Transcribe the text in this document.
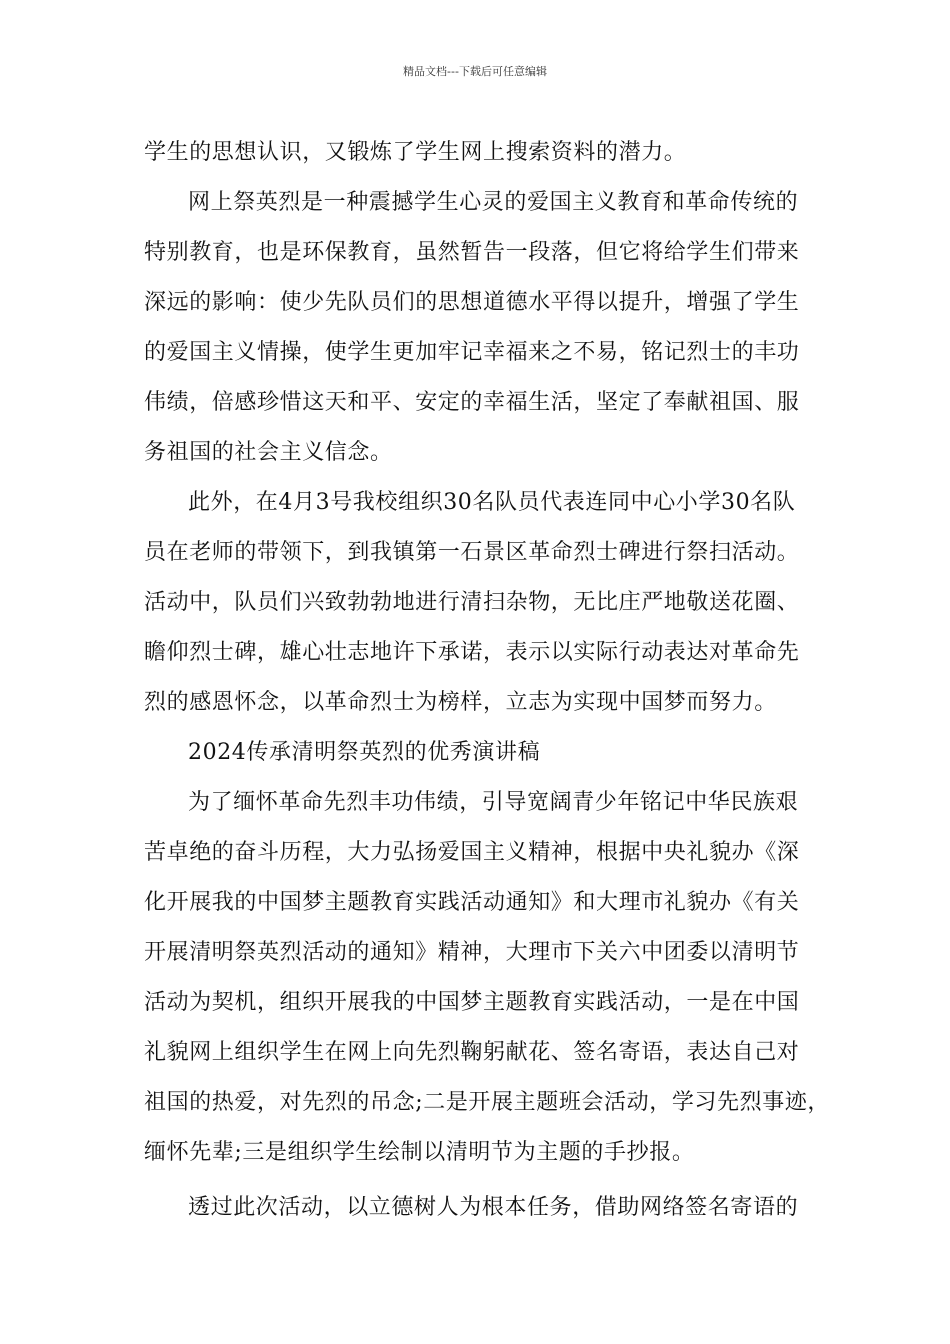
精品文档---下载后可任意编辑
学生的思想认识，又锻炼了学生网上搜索资料的潜力。
网上祭英烈是一种震撼学生心灵的爱国主义教育和革命传统的
特别教育，也是环保教育，虽然暂告一段落，但它将给学生们带来
深远的影响：使少先队员们的思想道德水平得以提升，增强了学生
的爱国主义情操，使学生更加牢记幸福来之不易，铭记烈士的丰功
伟绩，倍感珍惜这天和平、安定的幸福生活，坚定了奉献祖国、服
务祖国的社会主义信念。
此外，在4月3号我校组织30名队员代表连同中心小学30名队
员在老师的带领下，到我镇第一石景区革命烈士碑进行祭扫活动。
活动中，队员们兴致勃勃地进行清扫杂物，无比庄严地敬送花圈、
瞻仰烈士碑，雄心壮志地许下承诺，表示以实际行动表达对革命先
烈的感恩怀念，以革命烈士为榜样，立志为实现中国梦而努力。
2024传承清明祭英烈的优秀演讲稿
为了缅怀革命先烈丰功伟绩，引导宽阔青少年铭记中华民族艰
苦卓绝的奋斗历程，大力弘扬爱国主义精神，根据中央礼貌办《深
化开展我的中国梦主题教育实践活动通知》和大理市礼貌办《有关
开展清明祭英烈活动的通知》精神，大理市下关六中团委以清明节
活动为契机，组织开展我的中国梦主题教育实践活动，一是在中国
礼貌网上组织学生在网上向先烈鞠躬献花、签名寄语，表达自己对
祖国的热爱，对先烈的吊念;二是开展主题班会活动，学习先烈事迹，
缅怀先辈;三是组织学生绘制以清明节为主题的手抄报。
透过此次活动，以立德树人为根本任务，借助网络签名寄语的
